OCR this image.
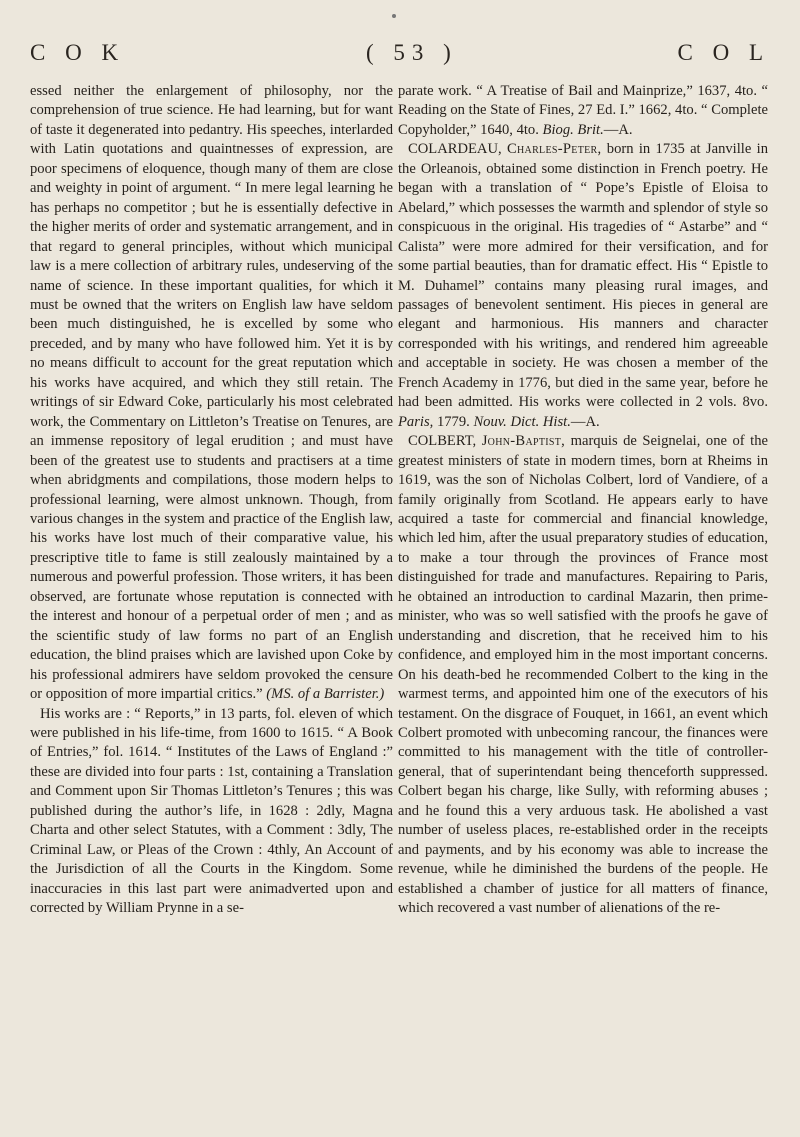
C O K	( 53 )	C O L

essed neither the enlargement of philosophy, nor the comprehension of true science. He had learning, but for want of taste it degenerated into pedantry. His speeches, interlarded with Latin quotations and quaintnesses of expression, are poor specimens of eloquence, though many of them are close and weighty in point of argument. “ In mere legal learning he has perhaps no competitor ; but he is essentially defective in the higher merits of order and systematic arrangement, and in that regard to general principles, without which municipal law is a mere collection of arbitrary rules, undeserving of the name of science. In these important qualities, for which it must be owned that the writers on English law have seldom been much distinguished, he is excelled by some who preceded, and by many who have followed him. Yet it is by no means difficult to account for the great reputation which his works have acquired, and which they still retain. The writings of sir Edward Coke, particularly his most celebrated work, the Commentary on Littleton’s Treatise on Tenures, are an immense repository of legal erudition ; and must have been of the greatest use to students and practisers at a time when abridgments and compilations, those modern helps to professional learning, were almost unknown. Though, from various changes in the system and practice of the English law, his works have lost much of their comparative value, his prescriptive title to fame is still zealously maintained by a numerous and powerful profession. Those writers, it has been observed, are fortunate whose reputation is connected with the interest and honour of a perpetual order of men ; and as the scientific study of law forms no part of an English education, the blind praises which are lavished upon Coke by his professional admirers have seldom provoked the censure or opposition of more impartial critics.” (MS. of a Barrister.)

His works are : “ Reports,” in 13 parts, fol. eleven of which were published in his life-time, from 1600 to 1615. “ A Book of Entries,” fol. 1614. “ Institutes of the Laws of England :” these are divided into four parts : 1st, containing a Translation and Comment upon Sir Thomas Littleton’s Tenures ; this was published during the author’s life, in 1628 : 2dly, Magna Charta and other select Statutes, with a Comment : 3dly, The Criminal Law, or Pleas of the Crown : 4thly, An Account of the Jurisdiction of all the Courts in the Kingdom. Some inaccuracies in this last part were animadverted upon and corrected by William Prynne in a se-

parate work. “ A Treatise of Bail and Mainprize,” 1637, 4to. “ Reading on the State of Fines, 27 Ed. I.” 1662, 4to. “ Complete Copyholder,” 1640, 4to. Biog. Brit.—A.

COLARDEAU, Charles-Peter, born in 1735 at Janville in the Orleanois, obtained some distinction in French poetry. He began with a translation of “ Pope’s Epistle of Eloisa to Abelard,” which possesses the warmth and splendor of style so conspicuous in the original. His tragedies of “ Astarbe” and “ Calista” were more admired for their versification, and for some partial beauties, than for dramatic effect. His “ Epistle to M. Duhamel” contains many pleasing rural images, and passages of benevolent sentiment. His pieces in general are elegant and harmonious. His manners and character corresponded with his writings, and rendered him agreeable and acceptable in society. He was chosen a member of the French Academy in 1776, but died in the same year, before he had been admitted. His works were collected in 2 vols. 8vo. Paris, 1779. Nouv. Dict. Hist.—A.

COLBERT, John-Baptist, marquis de Seignelai, one of the greatest ministers of state in modern times, born at Rheims in 1619, was the son of Nicholas Colbert, lord of Vandiere, of a family originally from Scotland. He appears early to have acquired a taste for commercial and financial knowledge, which led him, after the usual preparatory studies of education, to make a tour through the provinces of France most distinguished for trade and manufactures. Repairing to Paris, he obtained an introduction to cardinal Mazarin, then prime-minister, who was so well satisfied with the proofs he gave of understanding and discretion, that he received him to his confidence, and employed him in the most important concerns. On his death-bed he recommended Colbert to the king in the warmest terms, and appointed him one of the executors of his testament. On the disgrace of Fouquet, in 1661, an event which Colbert promoted with unbecoming rancour, the finances were committed to his management with the title of controller-general, that of superintendant being thenceforth suppressed. Colbert began his charge, like Sully, with reforming abuses ; and he found this a very arduous task. He abolished a vast number of useless places, re-established order in the receipts and payments, and by his economy was able to increase the revenue, while he diminished the burdens of the people. He established a chamber of justice for all matters of finance, which recovered a vast number of alienations of the re-
